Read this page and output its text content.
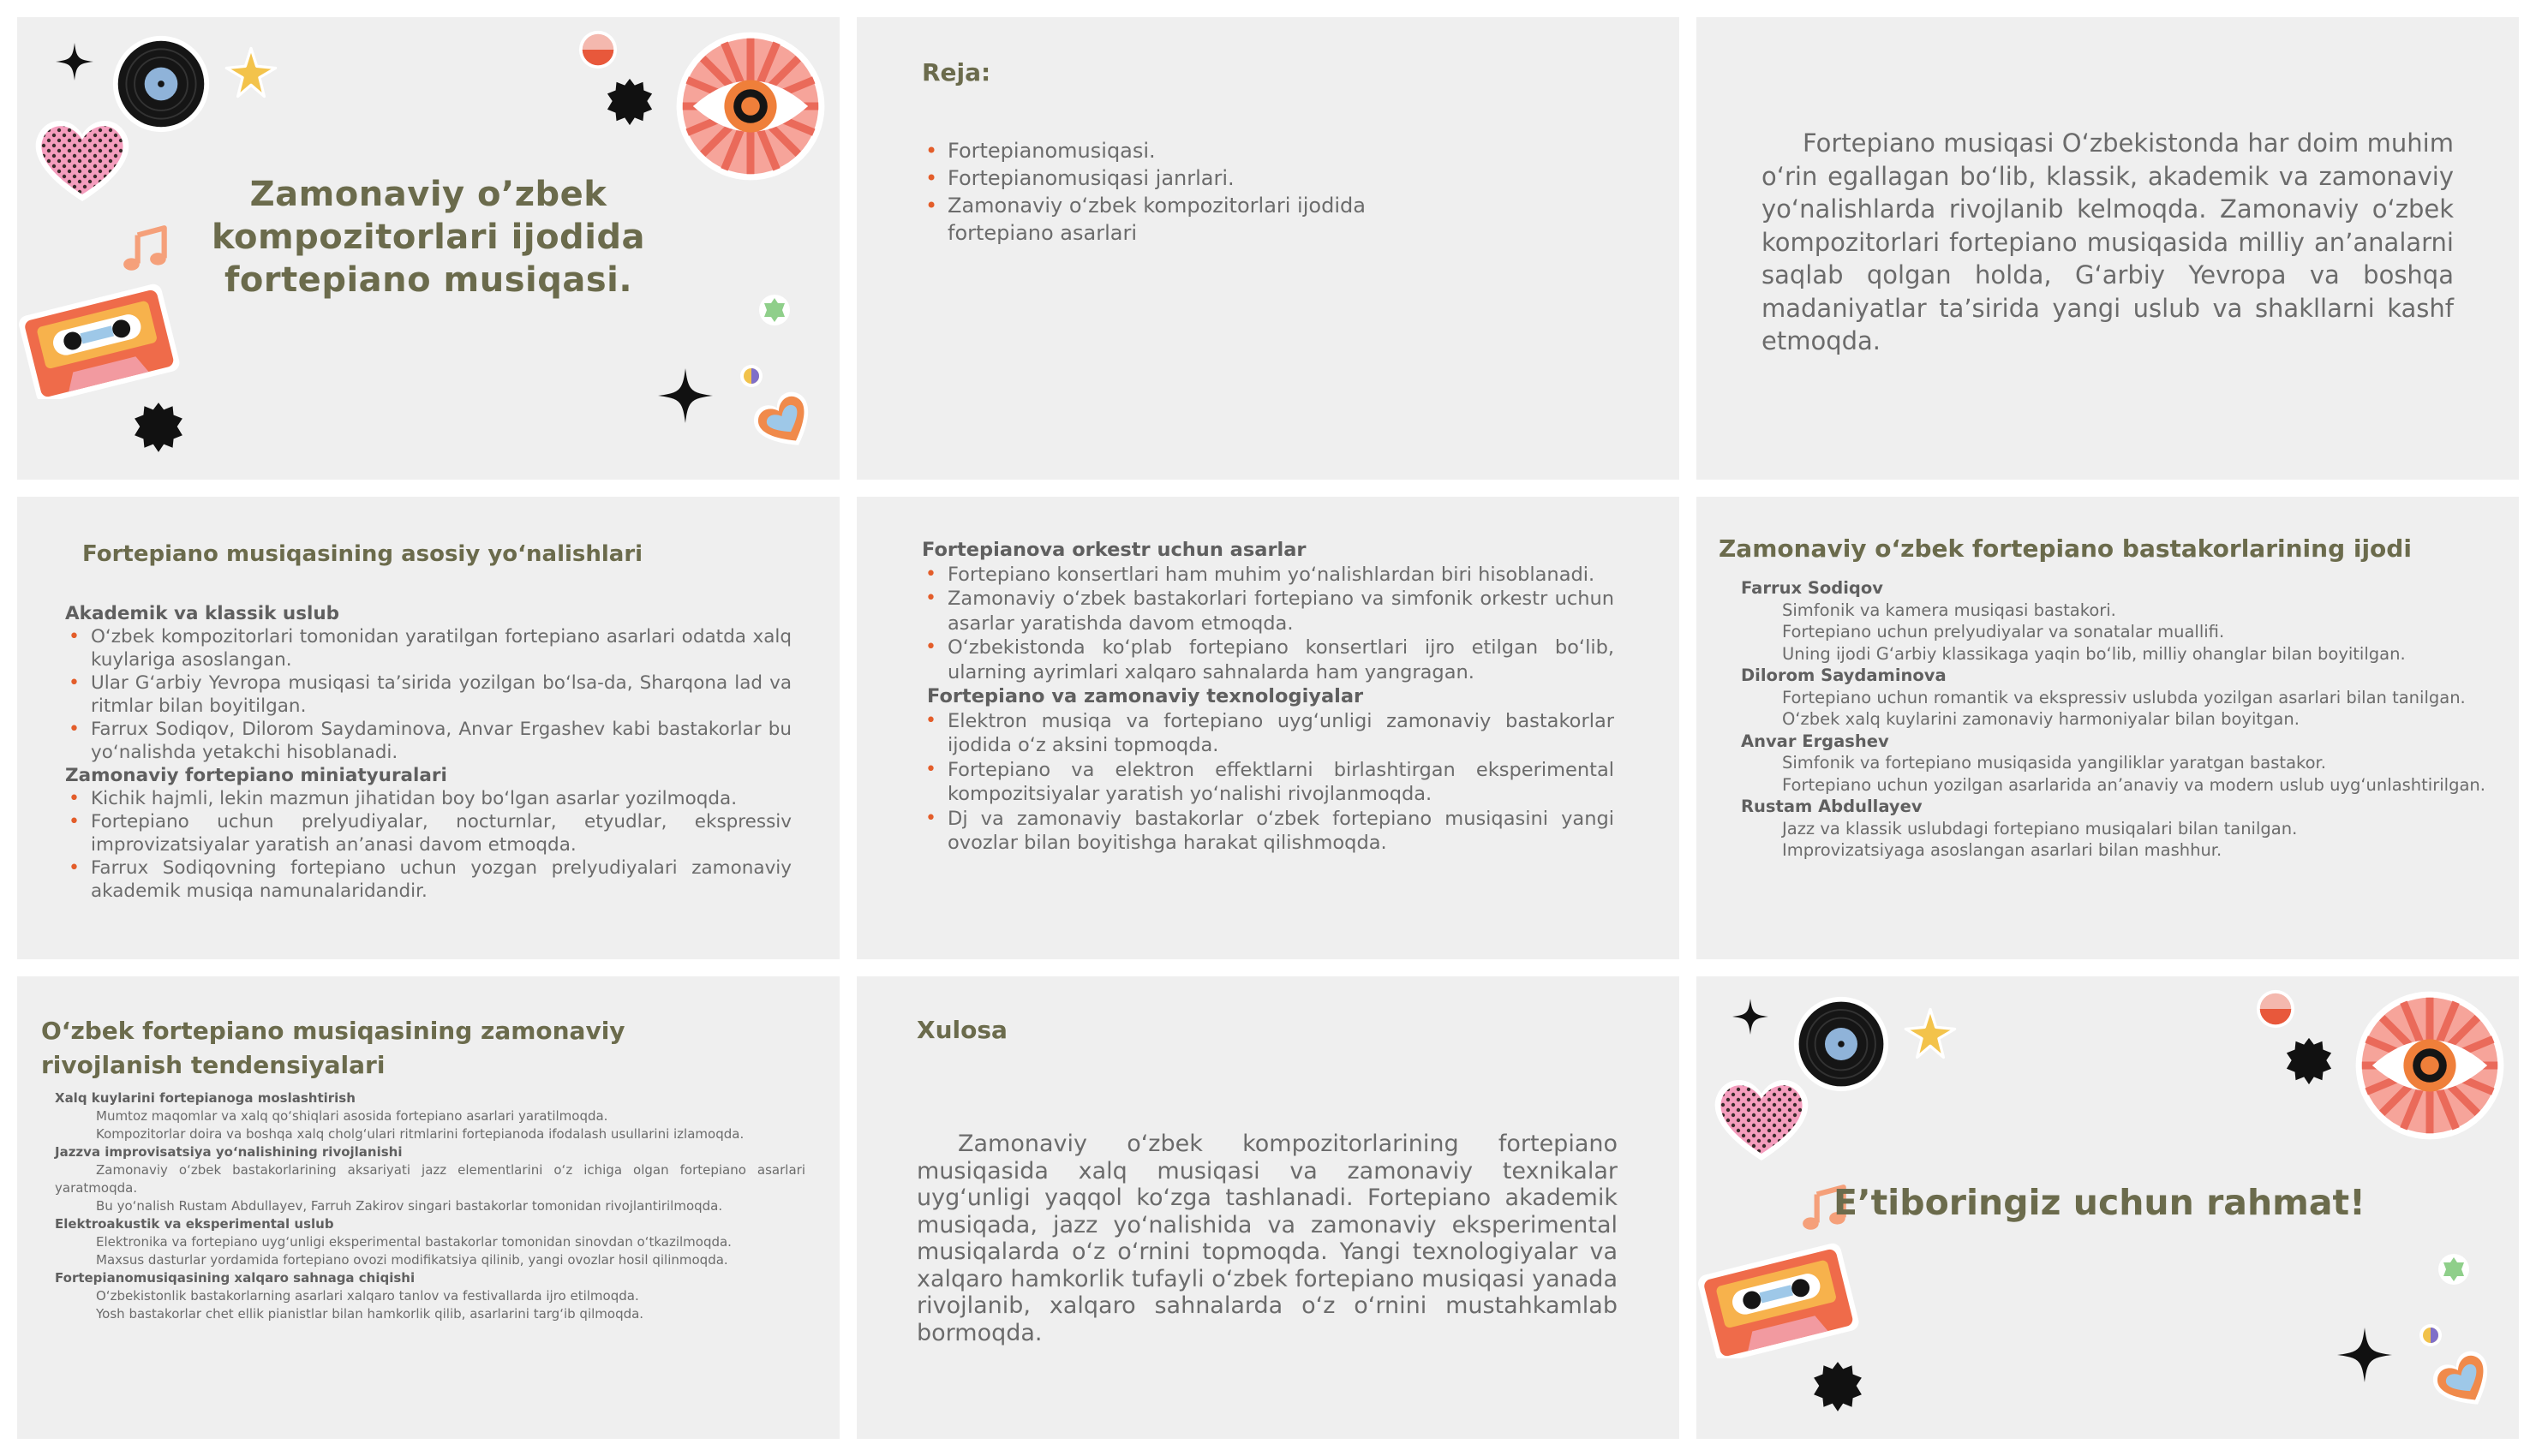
Zamonaviy o’zbek kompozitorlari ijodida fortepiano musiqasi.
Reja:
• Fortepianomusiqasi.
• Fortepianomusiqasi janrlari.
• Zamonaviy o‘zbek kompozitorlari ijodida fortepiano asarlari
Fortepiano musiqasi O‘zbekistonda har doim muhim o‘rin egallagan bo‘lib, klassik, akademik va zamonaviy yo‘nalishlarda rivojlanib kelmoqda. Zamonaviy o‘zbek kompozitorlari fortepiano musiqasida milliy an’analarni saqlab qolgan holda, G‘arbiy Yevropa va boshqa madaniyatlar ta’sirida yangi uslub va shakllarni kashf etmoqda.
Fortepiano musiqasining asosiy yo‘nalishlari
Akademik va klassik uslub
• O‘zbek kompozitorlari tomonidan yaratilgan fortepiano asarlari odatda xalq kuylariga asoslangan.
• Ular G‘arbiy Yevropa musiqasi ta’sirida yozilgan bo‘lsa-da, Sharqona lad va ritmlar bilan boyitilgan.
• Farrux Sodiqov, Dilorom Saydaminova, Anvar Ergashev kabi bastakorlar bu yo‘nalishda yetakchi hisoblanadi.
Zamonaviy fortepiano miniatyuralari
• Kichik hajmli, lekin mazmun jihatidan boy bo‘lgan asarlar yozilmoqda.
• Fortepiano uchun prelyudiyalar, nocturnlar, etyudlar, ekspressiv improvizatsiyalar yaratish an’anasi davom etmoqda.
• Farrux Sodiqovning fortepiano uchun yozgan prelyudiyalari zamonaviy akademik musiqa namunalaridandir.
Fortepianova orkestr uchun asarlar
• Fortepiano konsertlari ham muhim yo‘nalishlardan biri hisoblanadi.
• Zamonaviy o‘zbek bastakorlari fortepiano va simfonik orkestr uchun asarlar yaratishda davom etmoqda.
• O‘zbekistonda ko‘plab fortepiano konsertlari ijro etilgan bo‘lib, ularning ayrimlari xalqaro sahnalarda ham yangragan.
Fortepiano va zamonaviy texnologiyalar
• Elektron musiqa va fortepiano uyg‘unligi zamonaviy bastakorlar ijodida o‘z aksini topmoqda.
• Fortepiano va elektron effektlarni birlashtirgan eksperimental kompozitsiyalar yaratish yo‘nalishi rivojlanmoqda.
• Dj va zamonaviy bastakorlar o‘zbek fortepiano musiqasini yangi ovozlar bilan boyitishga harakat qilishmoqda.
Zamonaviy o‘zbek fortepiano bastakorlarining ijodi
Farrux Sodiqov
Simfonik va kamera musiqasi bastakori.
Fortepiano uchun prelyudiyalar va sonatalar muallifi.
Uning ijodi G‘arbiy klassikaga yaqin bo‘lib, milliy ohanglar bilan boyitilgan.
Dilorom Saydaminova
Fortepiano uchun romantik va ekspressiv uslubda yozilgan asarlari bilan tanilgan.
O‘zbek xalq kuylarini zamonaviy harmoniyalar bilan boyitgan.
Anvar Ergashev
Simfonik va fortepiano musiqasida yangiliklar yaratgan bastakor.
Fortepiano uchun yozilgan asarlarida an’anaviy va modern uslub uyg‘unlashtirilgan.
Rustam Abdullayev
Jazz va klassik uslubdagi fortepiano musiqalari bilan tanilgan.
Improvizatsiyaga asoslangan asarlari bilan mashhur.
O‘zbek fortepiano musiqasining zamonaviy rivojlanish tendensiyalari
Xalq kuylarini fortepianoga moslashtirish
Mumtoz maqomlar va xalq qo‘shiqlari asosida fortepiano asarlari yaratilmoqda.
Kompozitorlar doira va boshqa xalq cholg‘ulari ritmlarini fortepianoda ifodalash usullarini izlamoqda.
Jazzva improvisatsiya yo‘nalishining rivojlanishi
Zamonaviy o‘zbek bastakorlarining aksariyati jazz elementlarini o‘z ichiga olgan fortepiano asarlari yaratmoqda.
Bu yo‘nalish Rustam Abdullayev, Farruh Zakirov singari bastakorlar tomonidan rivojlantirilmoqda.
Elektroakustik va eksperimental uslub
Elektronika va fortepiano uyg‘unligi eksperimental bastakorlar tomonidan sinovdan o‘tkazilmoqda.
Maxsus dasturlar yordamida fortepiano ovozi modifikatsiya qilinib, yangi ovozlar hosil qilinmoqda.
Fortepianomusiqasining xalqaro sahnaga chiqishi
O‘zbekistonlik bastakorlarning asarlari xalqaro tanlov va festivallarda ijro etilmoqda.
Yosh bastakorlar chet ellik pianistlar bilan hamkorlik qilib, asarlarini targ‘ib qilmoqda.
Xulosa
Zamonaviy o‘zbek kompozitorlarining fortepiano musiqasida xalq musiqasi va zamonaviy texnikalar uyg‘unligi yaqqol ko‘zga tashlanadi. Fortepiano akademik musiqada, jazz yo‘nalishida va zamonaviy eksperimental musiqalarda o‘z o‘rnini topmoqda. Yangi texnologiyalar va xalqaro hamkorlik tufayli o‘zbek fortepiano musiqasi yanada rivojlanib, xalqaro sahnalarda o‘z o‘rnini mustahkamlab bormoqda.
E’tiboringiz uchun rahmat!
